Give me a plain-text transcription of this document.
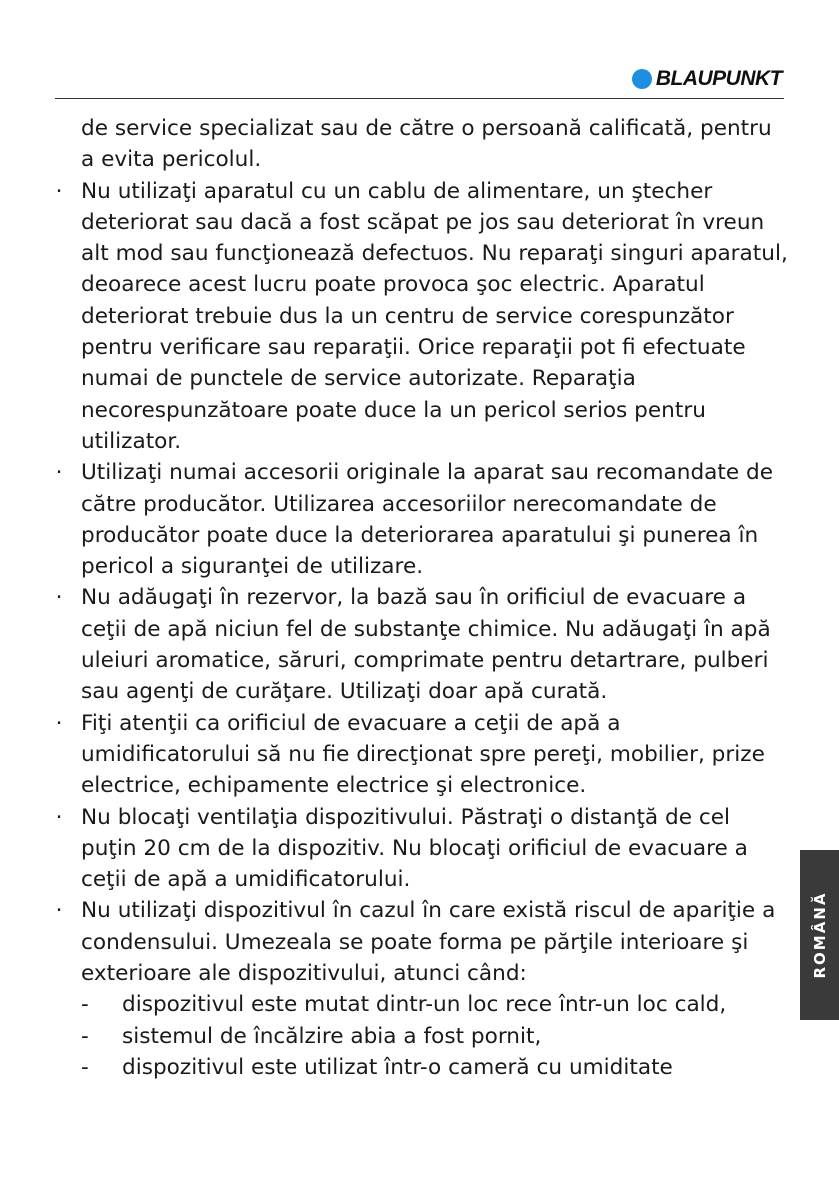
BLAUPUNKT

de service specializat sau de către o persoană calificată, pentru a evita pericolul.

· Nu utilizaţi aparatul cu un cablu de alimentare, un ştecher deteriorat sau dacă a fost scăpat pe jos sau deteriorat în vreun alt mod sau funcţionează defectuos. Nu reparaţi singuri aparatul, deoarece acest lucru poate provoca şoc electric. Aparatul deteriorat trebuie dus la un centru de service corespunzător pentru verificare sau reparaţii. Orice reparaţii pot fi efectuate numai de punctele de service autorizate. Reparaţia necorespunzătoare poate duce la un pericol serios pentru utilizator.
· Utilizaţi numai accesorii originale la aparat sau recomandate de către producător. Utilizarea accesoriilor nerecomandate de producător poate duce la deteriorarea aparatului şi punerea în pericol a siguranţei de utilizare.
· Nu adăugaţi în rezervor, la bază sau în orificiul de evacuare a ceţii de apă niciun fel de substanţe chimice. Nu adăugaţi în apă uleiuri aromatice, săruri, comprimate pentru detartrare, pulberi sau agenţi de curăţare. Utilizaţi doar apă curată.
· Fiţi atenţii ca orificiul de evacuare a ceţii de apă a umidificatorului să nu fie direcţionat spre pereţi, mobilier, prize electrice, echipamente electrice şi electronice.
· Nu blocaţi ventilaţia dispozitivului. Păstraţi o distanţă de cel puţin 20 cm de la dispozitiv. Nu blocaţi orificiul de evacuare a ceţii de apă a umidificatorului.
· Nu utilizaţi dispozitivul în cazul în care există riscul de apariţie a condensului. Umezeala se poate forma pe părţile interioare şi exterioare ale dispozitivului, atunci când:
- dispozitivul este mutat dintr-un loc rece într-un loc cald,
- sistemul de încălzire abia a fost pornit,
- dispozitivul este utilizat într-o cameră cu umiditate
ROMÂNĂ
